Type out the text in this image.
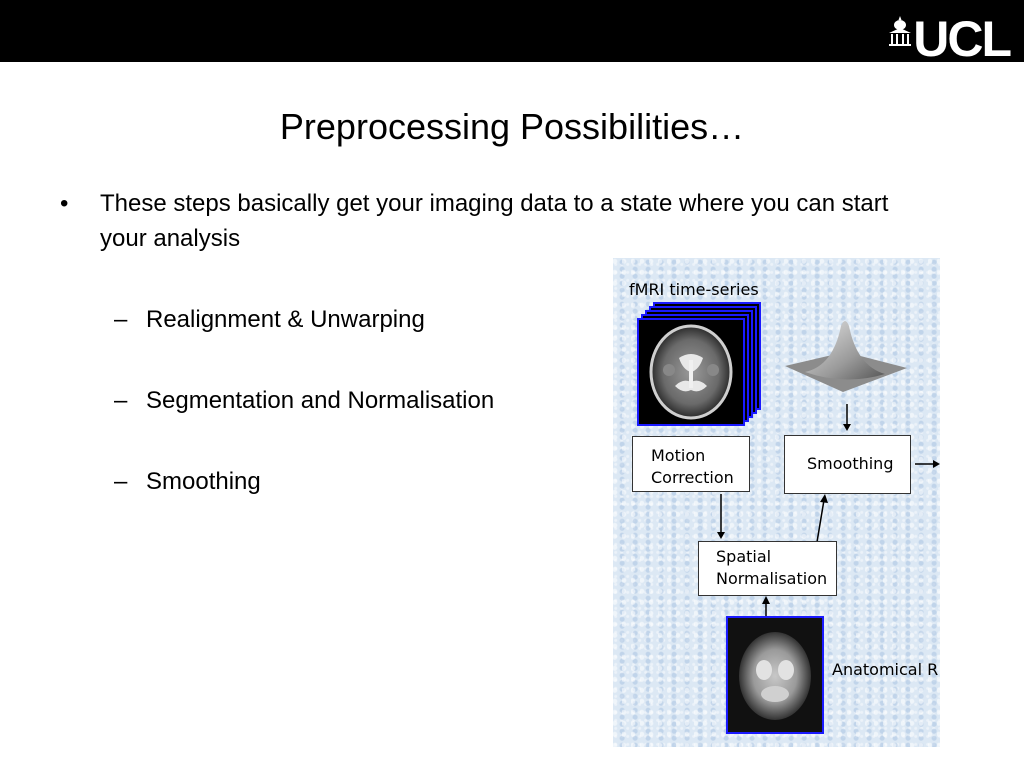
UCL
Preprocessing Possibilities…
• These steps basically get your imaging data to a state where you can start your analysis
– Realignment & Unwarping
– Segmentation and Normalisation
– Smoothing
fMRI time-series
Motion
Correction
Smoothing
Spatial
Normalisation
Anatomical R
